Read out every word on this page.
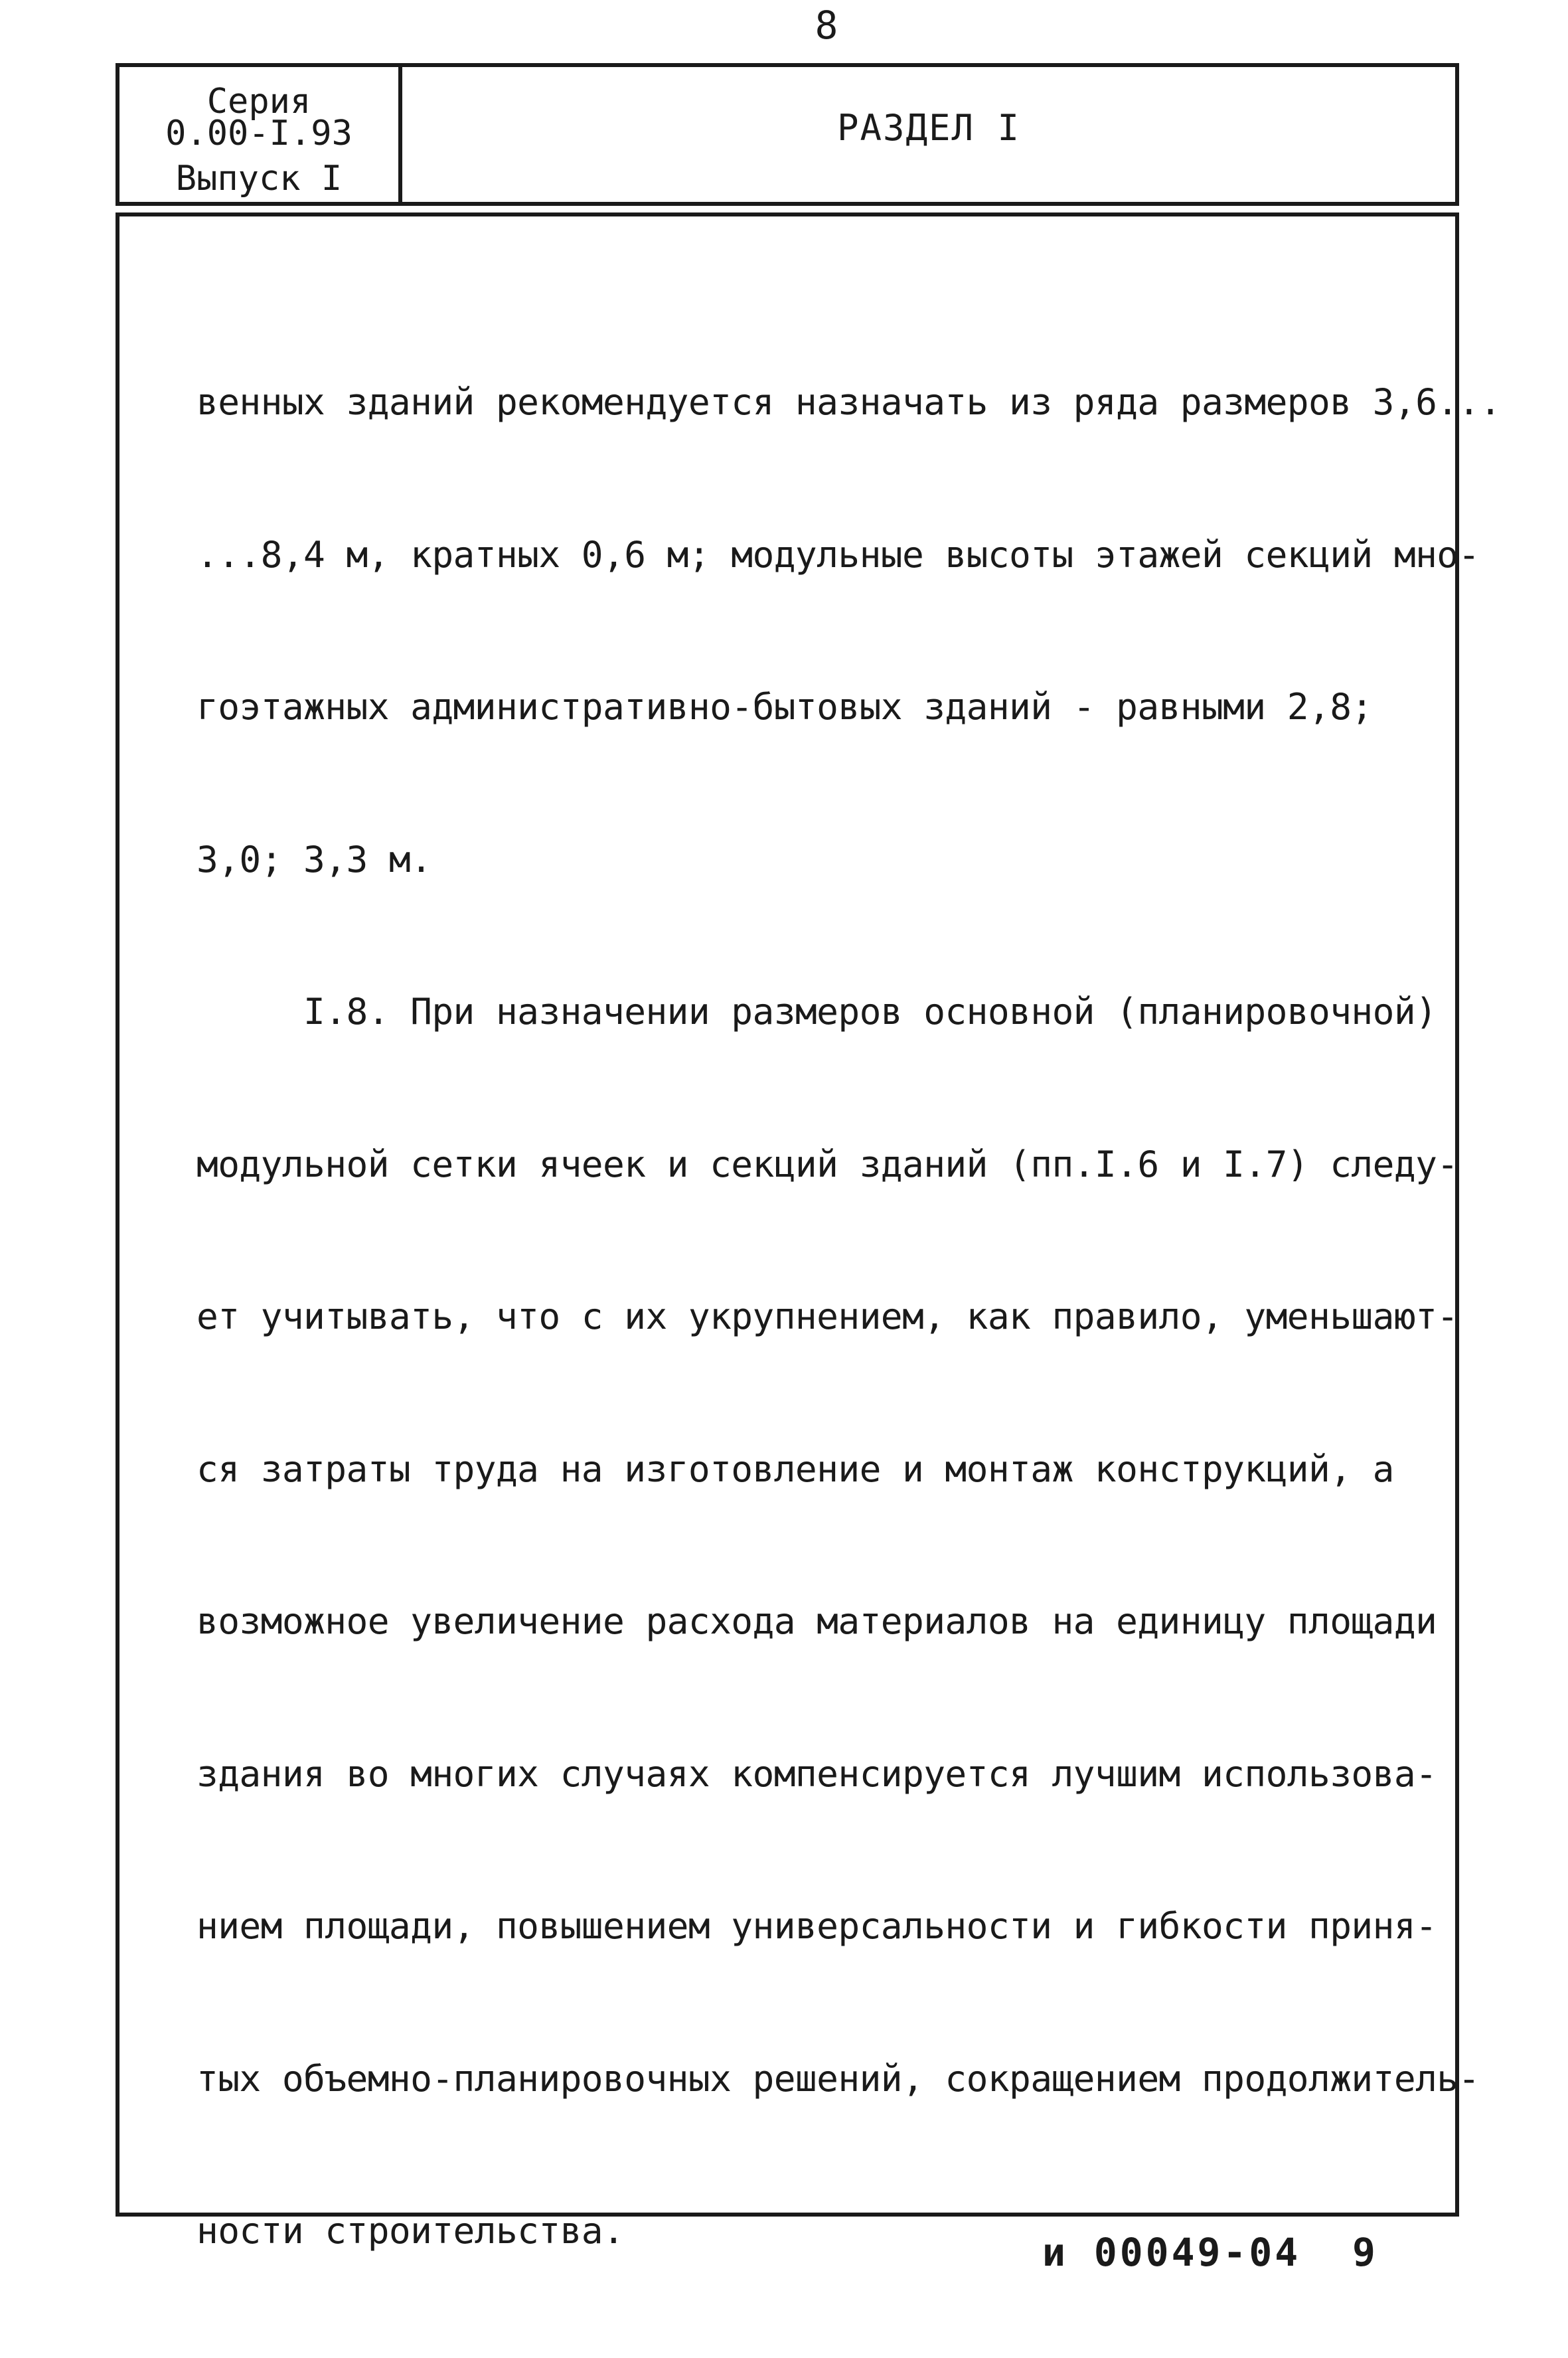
8
Серия
0.00-I.93
Выпуск I
РАЗДЕЛ I

венных зданий рекомендуется назначать из ряда размеров 3,6...

...8,4 м, кратных 0,6 м; модульные высоты этажей секций мно-

гоэтажных административно-бытовых зданий - равными 2,8;

3,0; 3,3 м.

I.8. При назначении размеров основной (планировочной)

модульной сетки ячеек и секций зданий (пп.I.6 и I.7) следу-

ет учитывать, что с их укрупнением, как правило, уменьшают-

ся затраты труда на изготовление и монтаж конструкций, а

возможное увеличение расхода материалов на единицу площади

здания во многих случаях компенсируется лучшим использова-

нием площади, повышением универсальности и гибкости приня-

тых объемно-планировочных решений, сокращением продолжитель-

ности строительства.

	и 00049-04  9
